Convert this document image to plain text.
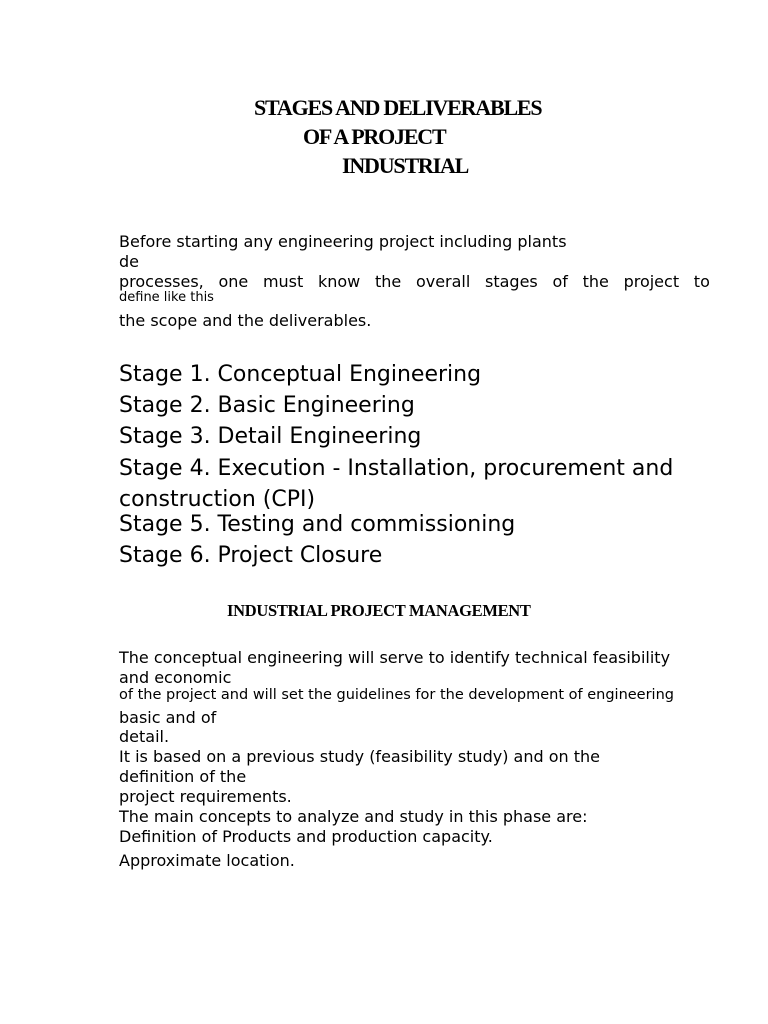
STAGES AND DELIVERABLES
OF A PROJECT
INDUSTRIAL

Before starting any engineering project including plants

de

processes, one must know the overall stages of the project to

define like this

the scope and the deliverables.

Stage 1. Conceptual Engineering

Stage 2. Basic Engineering

Stage 3. Detail Engineering

Stage 4. Execution - Installation, procurement and

construction (CPI)

Stage 5. Testing and commissioning

Stage 6. Project Closure

INDUSTRIAL PROJECT MANAGEMENT

The conceptual engineering will serve to identify technical feasibility

and economic

of the project and will set the guidelines for the development of engineering

basic and of

detail.

It is based on a previous study (feasibility study) and on the

definition of the

project requirements.

The main concepts to analyze and study in this phase are:

Definition of Products and production capacity.

Approximate location.
